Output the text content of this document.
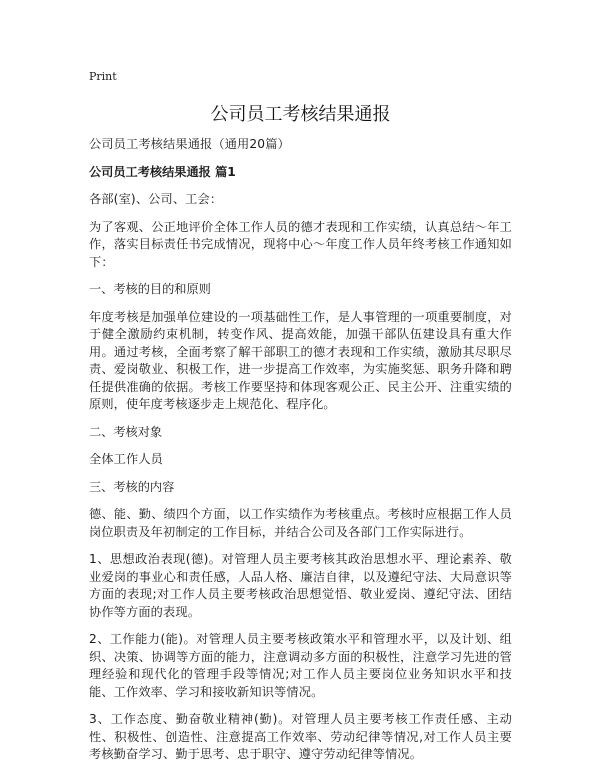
Print
公司员工考核结果通报

公司员工考核结果通报（通用20篇）

公司员工考核结果通报 篇1

各部(室)、公司、工会：

为了客观、公正地评价全体工作人员的德才表现和工作实绩，认真总结～年工作，落实目标责任书完成情况，现将中心～年度工作人员年终考核工作通知如下：

一、考核的目的和原则

年度考核是加强单位建设的一项基础性工作，是人事管理的一项重要制度，对于健全激励约束机制，转变作风、提高效能，加强干部队伍建设具有重大作用。通过考核，全面考察了解干部职工的德才表现和工作实绩，激励其尽职尽责、爱岗敬业、积极工作，进一步提高工作效率，为实施奖惩、职务升降和聘任提供准确的依据。考核工作要坚持和体现客观公正、民主公开、注重实绩的原则，使年度考核逐步走上规范化、程序化。

二、考核对象

全体工作人员

三、考核的内容

德、能、勤、绩四个方面，以工作实绩作为考核重点。考核时应根据工作人员岗位职责及年初制定的工作目标，并结合公司及各部门工作实际进行。

1、思想政治表现(德)。对管理人员主要考核其政治思想水平、理论素养、敬业爱岗的事业心和责任感，人品人格、廉洁自律，以及遵纪守法、大局意识等方面的表现;对工作人员主要考核政治思想觉悟、敬业爱岗、遵纪守法、团结协作等方面的表现。

2、工作能力(能)。对管理人员主要考核政策水平和管理水平，以及计划、组织、决策、协调等方面的能力，注意调动多方面的积极性，注意学习先进的管理经验和现代化的管理手段等情况;对工作人员主要岗位业务知识水平和技能、工作效率、学习和接收新知识等情况。

3、工作态度、勤奋敬业精神(勤)。对管理人员主要考核工作责任感、主动性、积极性、创造性、注意提高工作效率、劳动纪律等情况,对工作人员主要考核勤奋学习、勤于思考、忠于职守、遵守劳动纪律等情况。
